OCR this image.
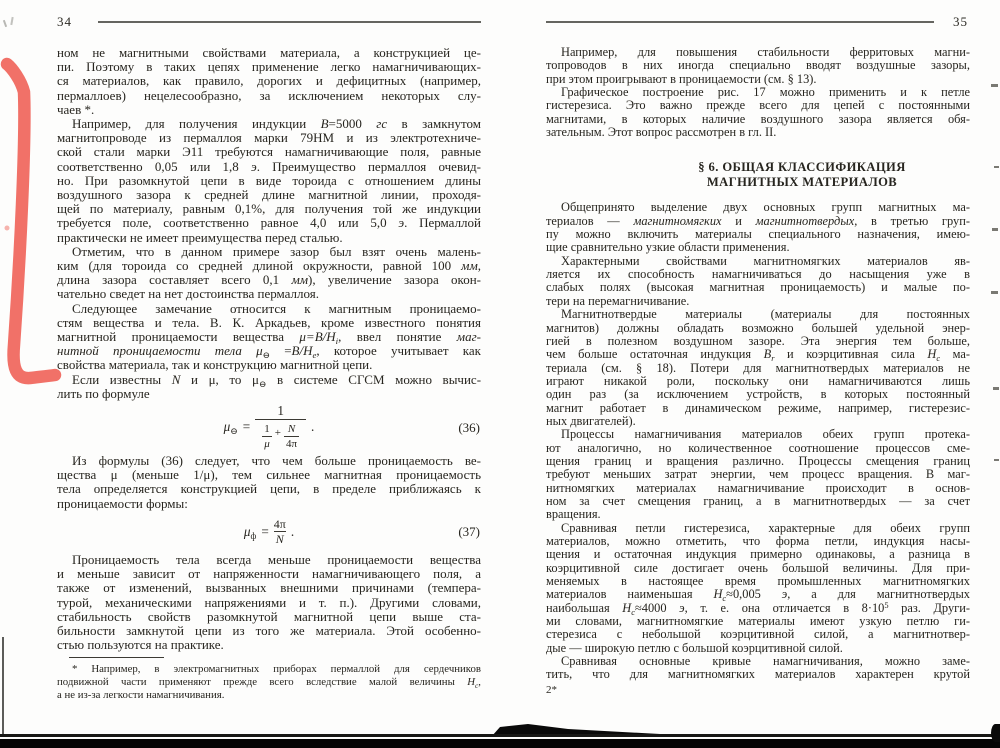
34
ном не магнитными свойствами материала, а конструкцией це-
пи. Поэтому в таких цепях применение легко намагничивающих-
ся материалов, как правило, дорогих и дефицитных (например,
пермаллоев) нецелесообразно, за исключением некоторых слу-
чаев *.
Например, для получения индукции B=5000 гс в замкнутом
магнитопроводе из пермаллоя марки 79НМ и из электротехниче-
ской стали марки Э11 требуются намагничивающие поля, равные
соответственно 0,05 или 1,8 э. Преимущество пермаллоя очевид-
но. При разомкнутой цепи в виде тороида с отношением длины
воздушного зазора к средней длине магнитной линии, проходя-
щей по материалу, равным 0,1%, для получения той же индукции
требуется поле, соответственно равное 4,0 или 5,0 э. Пермаллой
практически не имеет преимущества перед сталью.
Отметим, что в данном примере зазор был взят очень малень-
ким (для тороида со средней длиной окружности, равной 100 мм,
длина зазора составляет всего 0,1 мм), увеличение зазора окон-
чательно сведет на нет достоинства пермаллоя.
Следующее замечание относится к магнитным проницаемо-
стям вещества и тела. В. К. Аркадьев, кроме известного понятия
магнитной проницаемости вещества $\mu=B/H_i$, ввел понятие маг-
нитной проницаемости тела $\mu_⊖ =B/H_e$, которое учитывает как
свойства материала, так и конструкцию магнитной цепи.
Если известны N и μ, то $\mu_⊖$ в системе СГСМ можно вычис-
лить по формуле
$\mu_⊖$ =
1
1
μ
+ $\frac{N}{4\pi}$ .	(36)
Из формулы (36) следует, что чем больше проницаемость ве-
щества μ (меньше 1/μ), тем сильнее магнитная проницаемость
тела определяется конструкцией цепи, в пределе приближаясь к
проницаемости формы:
$\mu_ф = \frac{4\pi}{N}$ .	(37)
Проницаемость тела всегда меньше проницаемости вещества
и меньше зависит от напряженности намагничивающего поля, а
также от изменений, вызванных внешними причинами (темпера-
турой, механическими напряжениями и т. п.). Другими словами,
стабильность свойств разомкнутой магнитной цепи выше ста-
бильности замкнутой цепи из того же материала. Этой особенно-
стью пользуются на практике.
* Например, в электромагнитных приборах пермаллой для сердечников
подвижной части применяют прежде всего вследствие малой величины $H_c$,
а не из-за легкости намагничивания.
35
Например, для повышения стабильности ферритовых магни-
топроводов в них иногда специально вводят воздушные зазоры,
при этом проигрывают в проницаемости (см. § 13).
Графическое построение рис. 17 можно применить и к петле
гистерезиса. Это важно прежде всего для цепей с постоянными
магнитами, в которых наличие воздушного зазора является обя-
зательным. Этот вопрос рассмотрен в гл. II.
§ 6. ОБЩАЯ КЛАССИФИКАЦИЯ
МАГНИТНЫХ МАТЕРИАЛОВ
Общепринято выделение двух основных групп магнитных ма-
териалов — магнитномягких и магнитнотвердых, в третью груп-
пу можно включить материалы специального назначения, имею-
щие сравнительно узкие области применения.
Характерными свойствами магнитномягких материалов яв-
ляется их способность намагничиваться до насыщения уже в
слабых полях (высокая магнитная проницаемость) и малые по-
тери на перемагничивание.
Магнитнотвердые материалы (материалы для постоянных
магнитов) должны обладать возможно большей удельной энер-
гией в полезном воздушном зазоре. Эта энергия тем больше,
чем больше остаточная индукция $B_r$ и коэрцитивная сила $H_c$ ма-
териала (см. § 18). Потери для магнитнотвердых материалов не
играют никакой роли, поскольку они намагничиваются лишь
один раз (за исключением устройств, в которых постоянный
магнит работает в динамическом режиме, например, гистерезис-
ных двигателей).
Процессы намагничивания материалов обеих групп протека-
ют аналогично, но количественное соотношение процессов сме-
щения границ и вращения различно. Процессы смещения границ
требуют меньших затрат энергии, чем процесс вращения. В маг-
нитномягких материалах намагничивание происходит в основ-
ном за счет смещения границ, а в магнитнотвердых — за счет
вращения.
Сравнивая петли гистерезиса, характерные для обеих групп
материалов, можно отметить, что форма петли, индукция насы-
щения и остаточная индукция примерно одинаковы, а разница в
коэрцитивной силе достигает очень большой величины. Для при-
меняемых в настоящее время промышленных магнитномягких
материалов наименьшая $H_c\approx 0,005$ э, а для магнитнотвердых
наибольшая $H_c\approx 4000$ э, т. е. она отличается в $8\cdot 10^5$ раз. Други-
ми словами, магнитномягкие материалы имеют узкую петлю ги-
стерезиса с небольшой коэрцитивной силой, а магнитнотвер-
дые — широкую петлю с большой коэрцитивной силой.
Сравнивая основные кривые намагничивания, можно заме-
тить, что для магнитномягких материалов характерен крутой
2*
